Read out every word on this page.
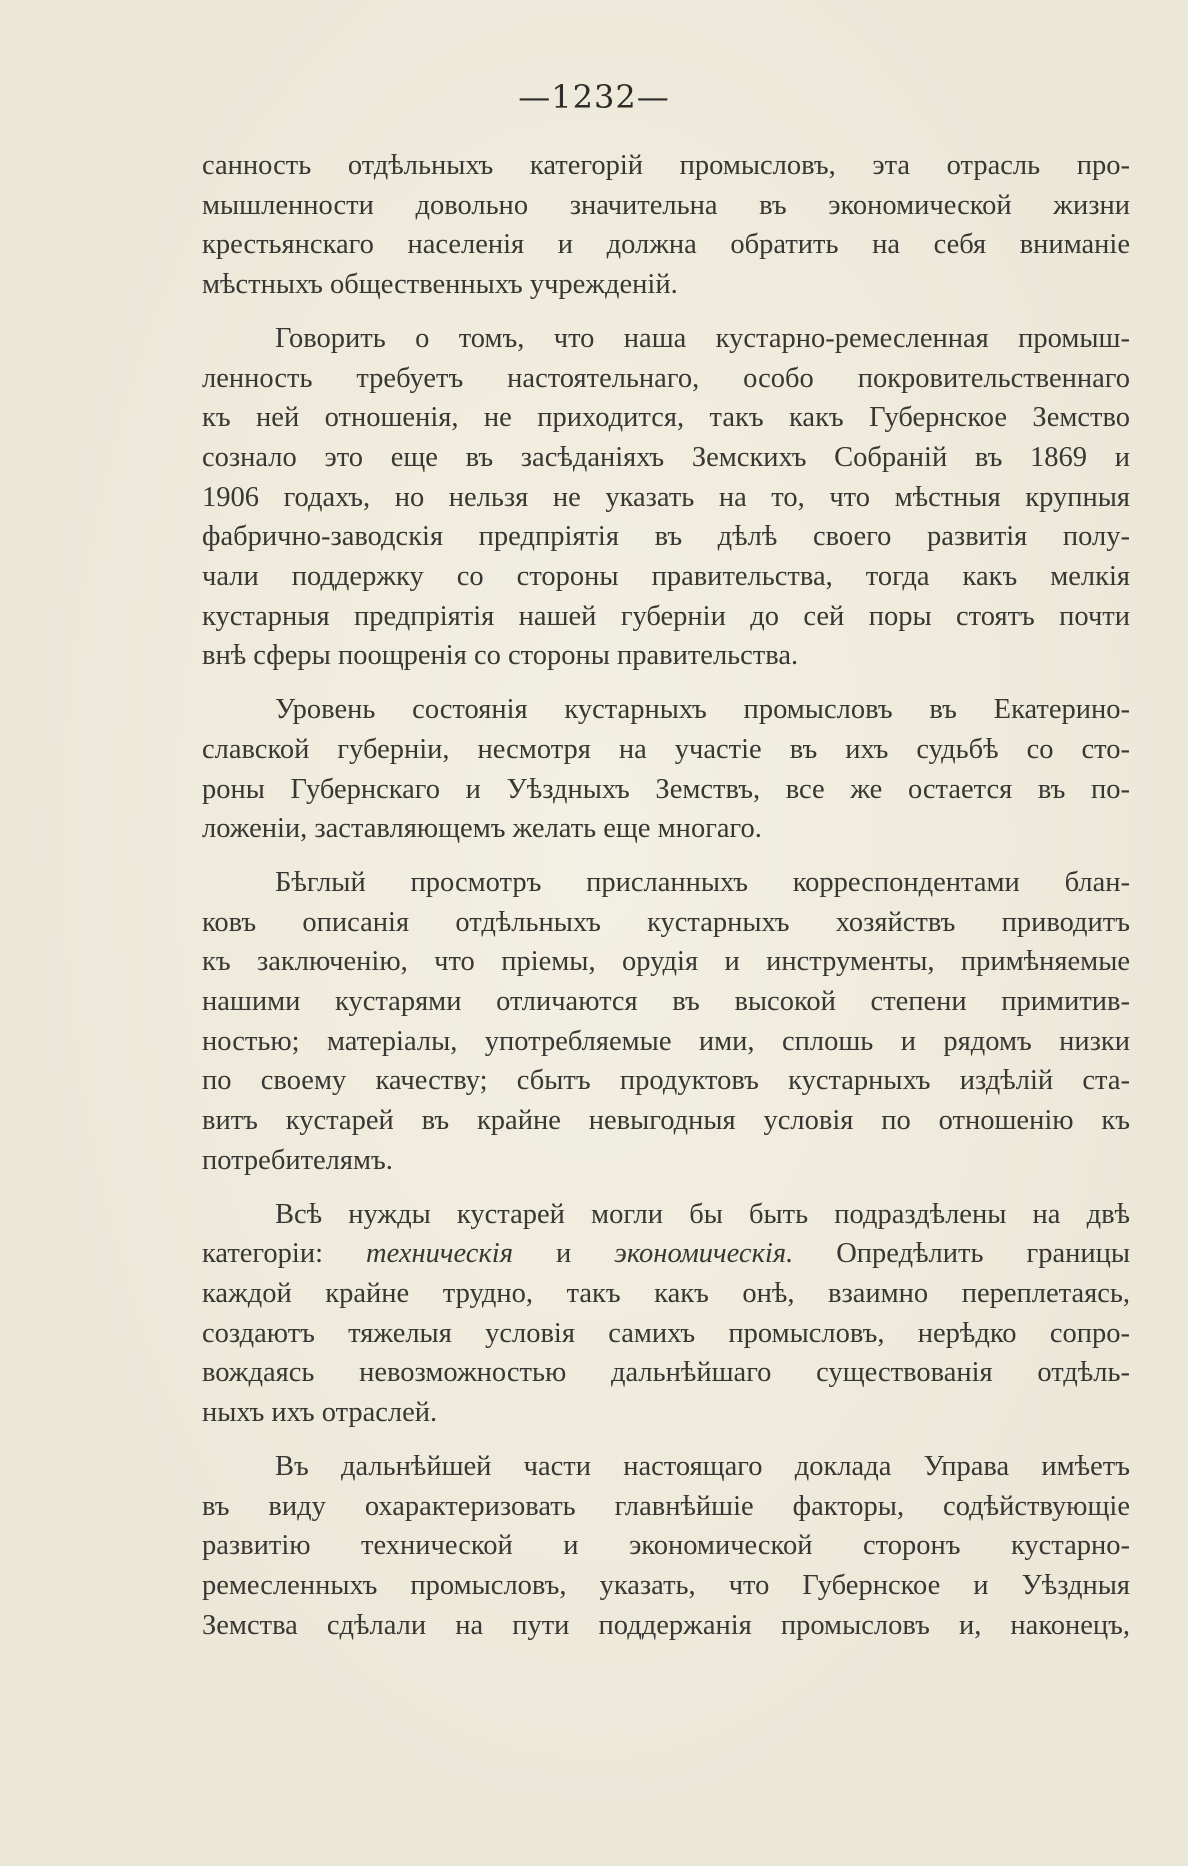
—1232—
санность отдѣльныхъ категорій промысловъ, эта отрасль про-
мышленности довольно значительна въ экономической жизни
крестьянскаго населенія и должна обратить на себя вниманіе
мѣстныхъ общественныхъ учрежденій.
Говорить о томъ, что наша кустарно-ремесленная промыш-
ленность требуетъ настоятельнаго, особо покровительственнаго
къ ней отношенія, не приходится, такъ какъ Губернское Земство
сознало это еще въ засѣданіяхъ Земскихъ Собраній въ 1869 и
1906 годахъ, но нельзя не указать на то, что мѣстныя крупныя
фабрично-заводскія предпріятія въ дѣлѣ своего развитія полу-
чали поддержку со стороны правительства, тогда какъ мелкія
кустарныя предпріятія нашей губерніи до сей поры стоятъ почти
внѣ сферы поощренія со стороны правительства.
Уровень состоянія кустарныхъ промысловъ въ Екатерино-
славской губерніи, несмотря на участіе въ ихъ судьбѣ со сто-
роны Губернскаго и Уѣздныхъ Земствъ, все же остается въ по-
ложеніи, заставляющемъ желать еще многаго.
Бѣглый просмотръ присланныхъ корреспондентами блан-
ковъ описанія отдѣльныхъ кустарныхъ хозяйствъ приводитъ
къ заключенію, что пріемы, орудія и инструменты, примѣняемые
нашими кустарями отличаются въ высокой степени примитив-
ностью; матеріалы, употребляемые ими, сплошь и рядомъ низки
по своему качеству; сбытъ продуктовъ кустарныхъ издѣлій ста-
витъ кустарей въ крайне невыгодныя условія по отношенію къ
потребителямъ.
Всѣ нужды кустарей могли бы быть подраздѣлены на двѣ
категоріи: техническія и экономическія. Опредѣлить границы
каждой крайне трудно, такъ какъ онѣ, взаимно переплетаясь,
создаютъ тяжелыя условія самихъ промысловъ, нерѣдко сопро-
вождаясь невозможностью дальнѣйшаго существованія отдѣль-
ныхъ ихъ отраслей.
Въ дальнѣйшей части настоящаго доклада Управа имѣетъ
въ виду охарактеризовать главнѣйшіе факторы, содѣйствующіе
развитію технической и экономической сторонъ кустарно-
ремесленныхъ промысловъ, указать, что Губернское и Уѣздныя
Земства сдѣлали на пути поддержанія промысловъ и, наконецъ,
